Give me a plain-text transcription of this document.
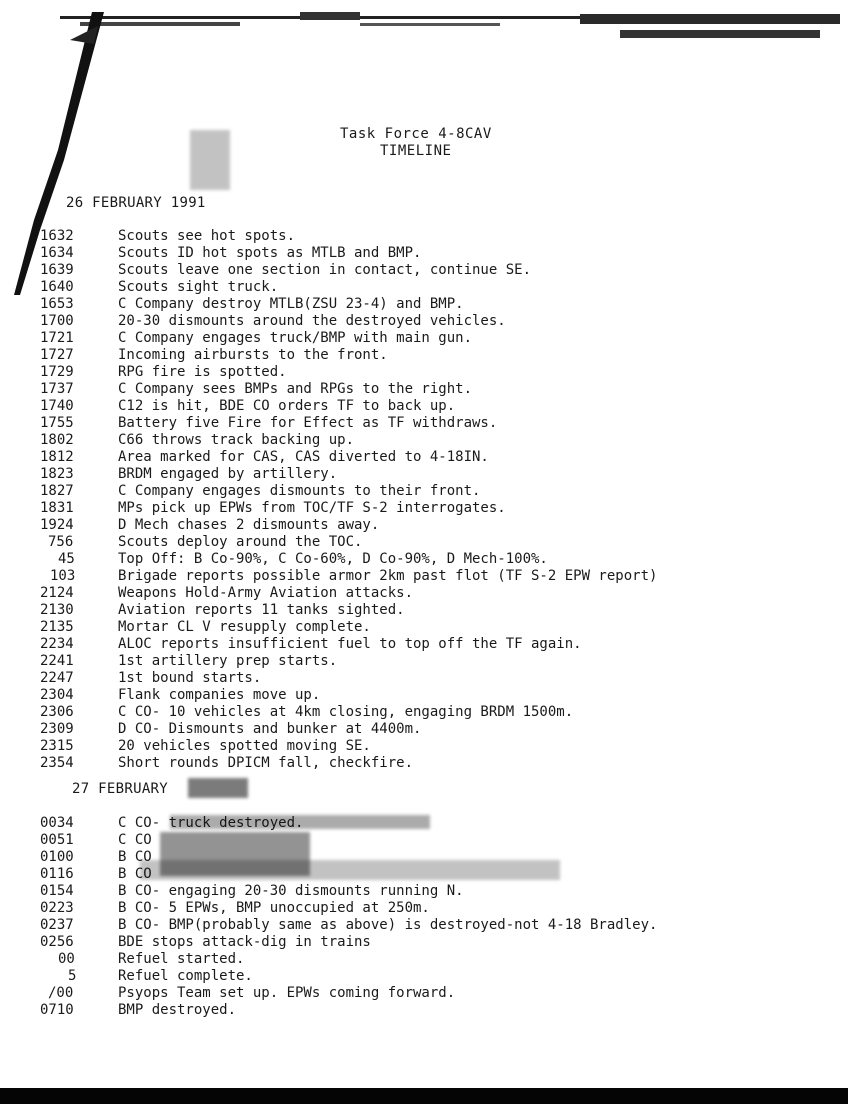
Task Force 4-8CAV
TIMELINE
26 FEBRUARY 1991
1632	Scouts see hot spots.
1634	Scouts ID hot spots as MTLB and BMP.
1639	Scouts leave one section in contact, continue SE.
1640	Scouts sight truck.
1653	C Company destroy MTLB(ZSU 23-4) and BMP.
1700	20-30 dismounts around the destroyed vehicles.
1721	C Company engages truck/BMP with main gun.
1727	Incoming airbursts to the front.
1729	RPG fire is spotted.
1737	C Company sees BMPs and RPGs to the right.
1740	C12 is hit, BDE CO orders TF to back up.
1755	Battery five Fire for Effect as TF withdraws.
1802	C66 throws track backing up.
1812	Area marked for CAS, CAS diverted to 4-18IN.
1823	BRDM engaged by artillery.
1827	C Company engages dismounts to their front.
1831	MPs pick up EPWs from TOC/TF S-2 interrogates.
1924	D Mech chases 2 dismounts away.
756	Scouts deploy around the TOC.
45	Top Off: B Co-90%, C Co-60%, D Co-90%, D Mech-100%.
103	Brigade reports possible armor 2km past flot (TF S-2 EPW report)
2124	Weapons Hold-Army Aviation attacks.
2130	Aviation reports 11 tanks sighted.
2135	Mortar CL V resupply complete.
2234	ALOC reports insufficient fuel to top off the TF again.
2241	1st artillery prep starts.
2247	1st bound starts.
2304	Flank companies move up.
2306	C CO- 10 vehicles at 4km closing, engaging BRDM 1500m.
2309	D CO- Dismounts and bunker at 4400m.
2315	20 vehicles spotted moving SE.
2354	Short rounds DPICM fall, checkfire.
27 FEBRUARY
0034	C CO- truck destroyed.
0051	C CO
0100	B CO
0116	B CO
0154	B CO- engaging 20-30 dismounts running N.
0223	B CO- 5 EPWs, BMP unoccupied at 250m.
0237	B CO- BMP(probably same as above) is destroyed-not 4-18 Bradley.
0256	BDE stops attack-dig in trains
00	Refuel started.
5	Refuel complete.
/00	Psyops Team set up. EPWs coming forward.
0710	BMP destroyed.
